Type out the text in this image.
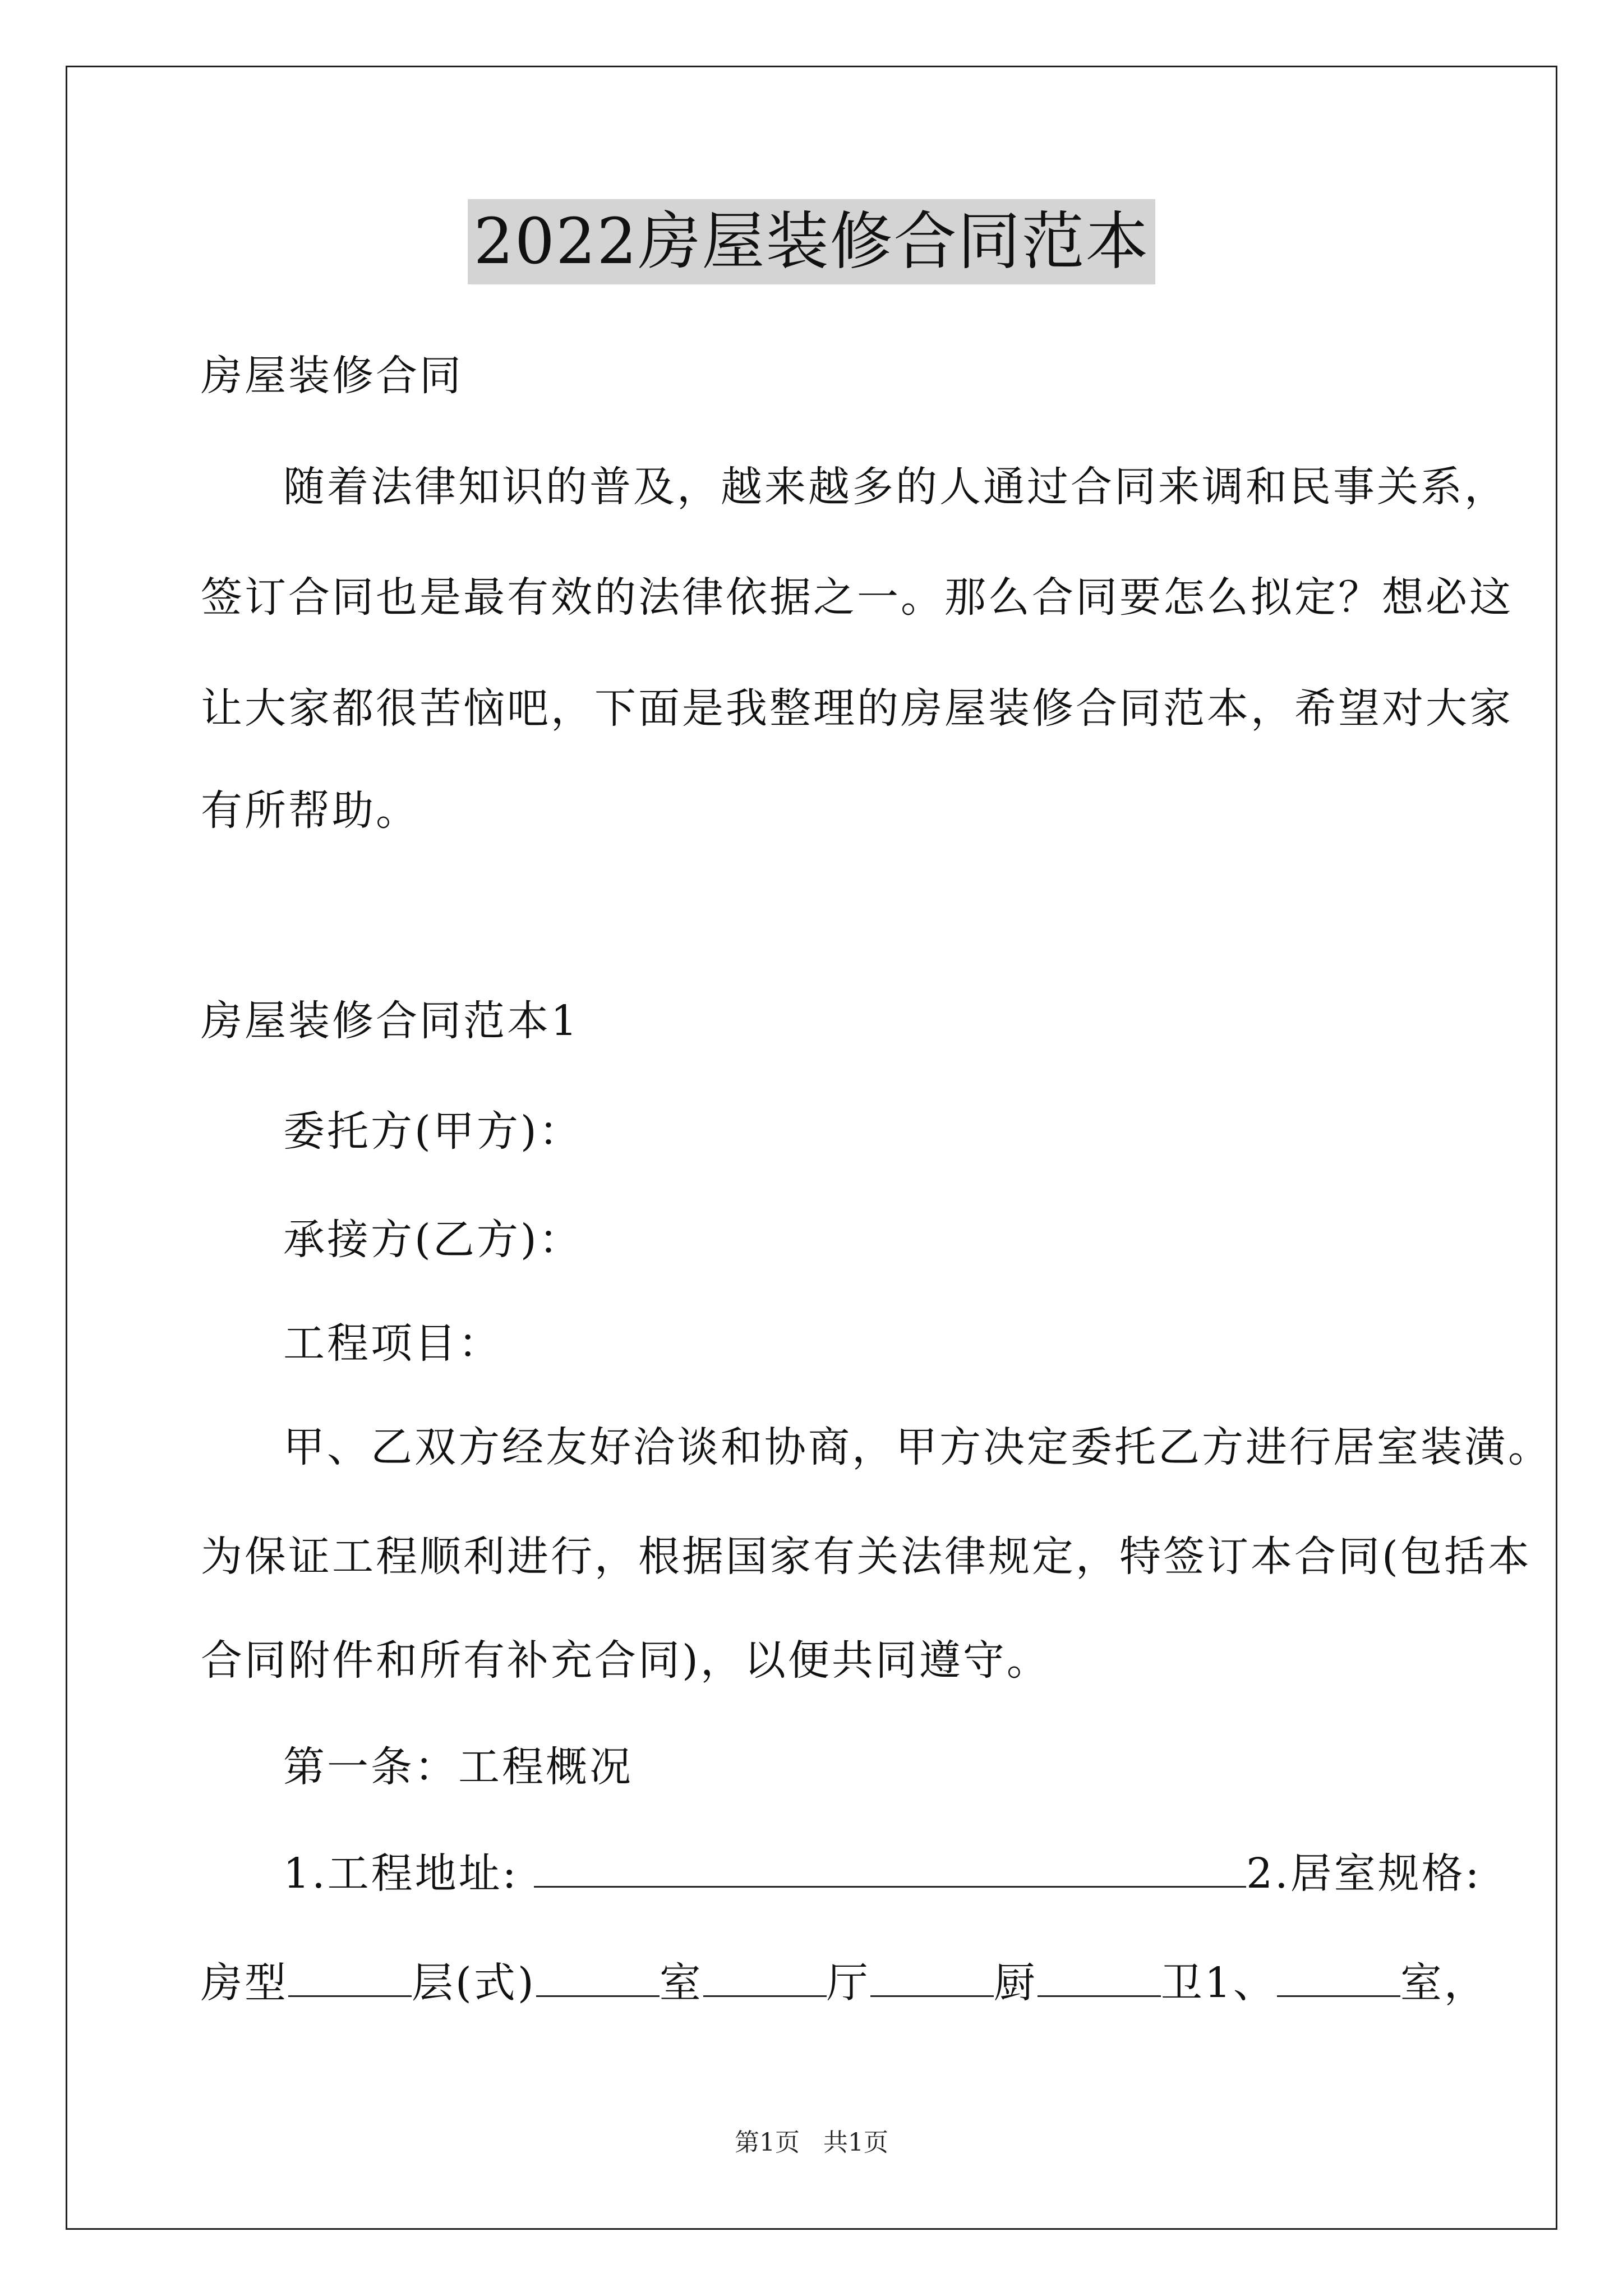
2022房屋装修合同范本
房屋装修合同
随着法律知识的普及，越来越多的人通过合同来调和民事关系，
签订合同也是最有效的法律依据之一。那么合同要怎么拟定？想必这
让大家都很苦恼吧，下面是我整理的房屋装修合同范本，希望对大家
有所帮助。
房屋装修合同范本1
委托方(甲方)：
承接方(乙方)：
工程项目：
甲、乙双方经友好洽谈和协商，甲方决定委托乙方进行居室装潢。
为保证工程顺利进行，根据国家有关法律规定，特签订本合同(包括本
合同附件和所有补充合同)，以便共同遵守。
第一条：工程概况
1.工程地址:	2.居室规格:
房型	层(式)	室	厅	厨	卫1、	室，
第1页 共1页
